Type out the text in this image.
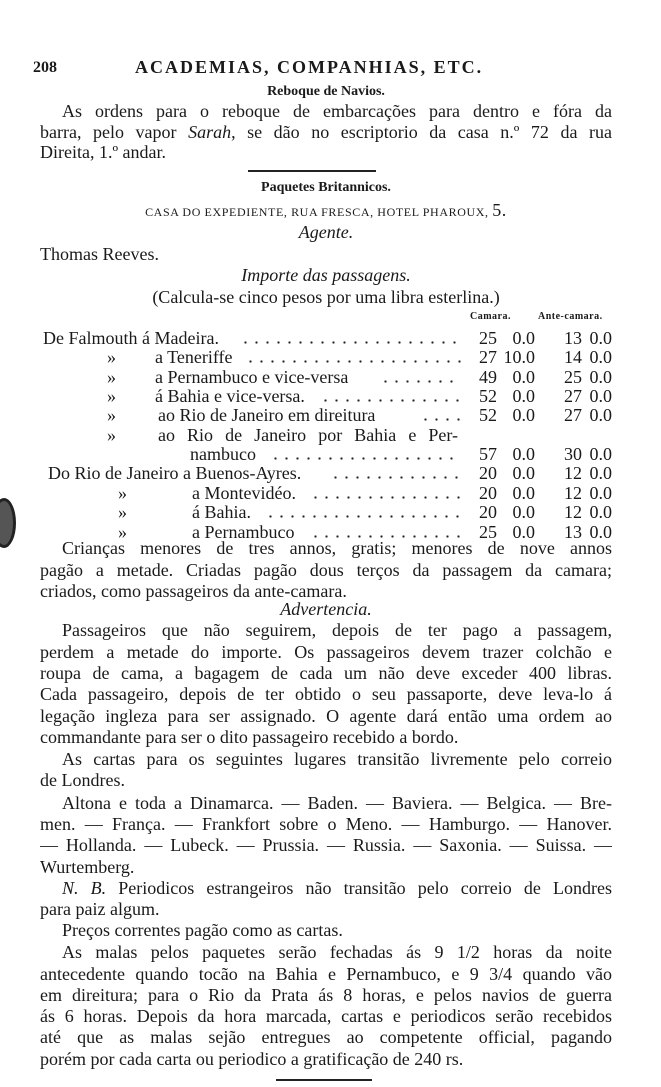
208	ACADEMIAS, COMPANHIAS, ETC.
Reboque de Navios.
As ordens para o reboque de embarcações para dentro e fóra da
barra, pelo vapor Sarah, se dão no escriptorio da casa n.º 72 da rua
Direita, 1.º andar.
Paquetes Britannicos.
CASA DO EXPEDIENTE, RUA FRESCA, HOTEL PHAROUX, 5.
Agente.
Thomas Reeves.
Importe das passagens.
(Calcula-se cinco pesos por uma libra esterlina.)
Camara.	Ante-camara.
De Falmouth á Madeira.	25 0.0 13 0.0
» a Teneriffe	27 10.0 14 0.0
» a Pernambuco e vice-versa	49 0.0 25 0.0
» á Bahia e vice-versa.	52 0.0 27 0.0
» ao Rio de Janeiro em direitura	52 0.0 27 0.0
» ao Rio de Janeiro por Bahia e Per-
nambuco	57 0.0 30 0.0
Do Rio de Janeiro a Buenos-Ayres.	20 0.0 12 0.0
»	a Montevidéo.	20 0.0 12 0.0
»	á Bahia.	20 0.0 12 0.0
»	a Pernambuco	25 0.0 13 0.0
Crianças menores de tres annos, gratis; menores de nove annos
pagão a metade. Criadas pagão dous terços da passagem da camara;
criados, como passageiros da ante-camara.
Advertencia.
Passageiros que não seguirem, depois de ter pago a passagem,
perdem a metade do importe. Os passageiros devem trazer colchão e
roupa de cama, a bagagem de cada um não deve exceder 400 libras.
Cada passageiro, depois de ter obtido o seu passaporte, deve leva-lo á
legação ingleza para ser assignado. O agente dará então uma ordem ao
commandante para ser o dito passageiro recebido a bordo.
As cartas para os seguintes lugares transitão livremente pelo correio
de Londres.
Altona e toda a Dinamarca. — Baden. — Baviera. — Belgica. — Bre-
men. — França. — Frankfort sobre o Meno. — Hamburgo. — Hanover.
— Hollanda. — Lubeck. — Prussia. — Russia. — Saxonia. — Suissa. —
Wurtemberg.
N. B. Periodicos estrangeiros não transitão pelo correio de Londres
para paiz algum.
Preços correntes pagão como as cartas.
As malas pelos paquetes serão fechadas ás 9 1/2 horas da noite
antecedente quando tocão na Bahia e Pernambuco, e 9 3/4 quando vão
em direitura; para o Rio da Prata ás 8 horas, e pelos navios de guerra
ás 6 horas. Depois da hora marcada, cartas e periodicos serão recebidos
até que as malas sejão entregues ao competente official, pagando
porém por cada carta ou periodico a gratificação de 240 rs.
